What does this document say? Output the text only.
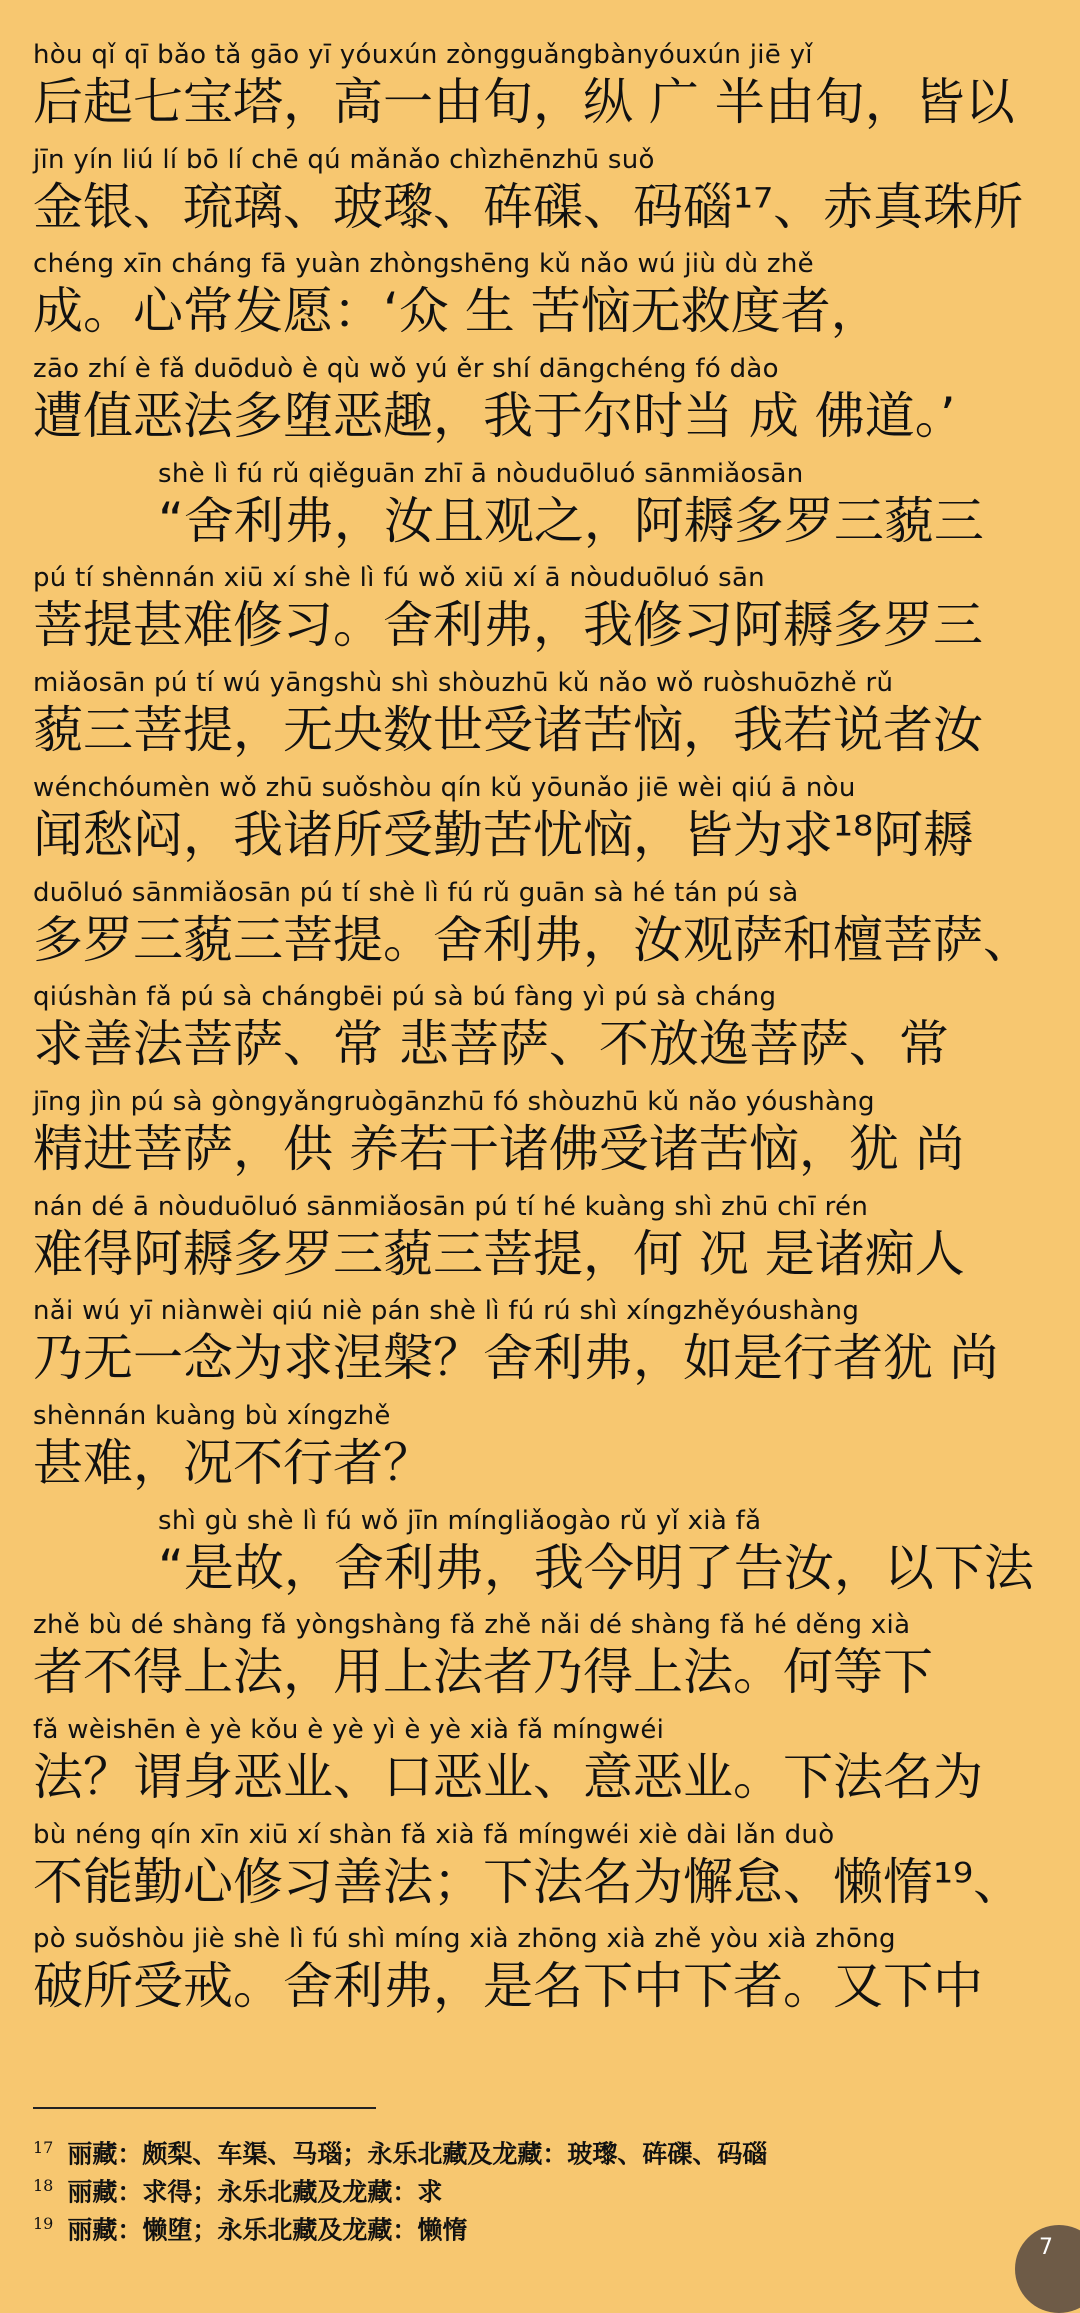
hòu qǐ qī bǎo tǎ gāo yī yóuxún zòngguǎngbànyóuxún jiē yǐ
后起七宝塔，高一由旬，纵 广 半由旬，皆以
jīn yín liú lí bō lí chē qú mǎnǎo chìzhēnzhū suǒ
金银、琉璃、玻瓈、砗磲、码碯¹⁷、赤真珠所
chéng xīn cháng fā yuàn zhòngshēng kǔ nǎo wú jiù dù zhě
成。心常发愿：‘众 生 苦恼无救度者，
zāo zhí è fǎ duōduò è qù wǒ yú ěr shí dāngchéng fó dào
遭值恶法多堕恶趣，我于尔时当 成 佛道。’
shè lì fú rǔ qiěguān zhī ā nòuduōluó sānmiǎosān
“舍利弗，汝且观之，阿耨多罗三藐三
pú tí shènnán xiū xí shè lì fú wǒ xiū xí ā nòuduōluó sān
菩提甚难修习。舍利弗，我修习阿耨多罗三
miǎosān pú tí wú yāngshù shì shòuzhū kǔ nǎo wǒ ruòshuōzhě rǔ
藐三菩提，无央数世受诸苦恼，我若说者汝
wénchóumèn wǒ zhū suǒshòu qín kǔ yōunǎo jiē wèi qiú ā nòu
闻愁闷，我诸所受勤苦忧恼，皆为求¹⁸阿耨
duōluó sānmiǎosān pú tí shè lì fú rǔ guān sà hé tán pú sà
多罗三藐三菩提。舍利弗，汝观萨和檀菩萨、
qiúshàn fǎ pú sà chángbēi pú sà bú fàng yì pú sà cháng
求善法菩萨、常 悲菩萨、不放逸菩萨、常
jīng jìn pú sà gòngyǎngruògānzhū fó shòuzhū kǔ nǎo yóushàng
精进菩萨，供 养若干诸佛受诸苦恼，犹 尚
nán dé ā nòuduōluó sānmiǎosān pú tí hé kuàng shì zhū chī rén
难得阿耨多罗三藐三菩提，何 况 是诸痴人
nǎi wú yī niànwèi qiú niè pán shè lì fú rú shì xíngzhěyóushàng
乃无一念为求涅槃？舍利弗，如是行者犹 尚
shènnán kuàng bù xíngzhě
甚难，况不行者？
shì gù shè lì fú wǒ jīn míngliǎogào rǔ yǐ xià fǎ
“是故，舍利弗，我今明了告汝，以下法
zhě bù dé shàng fǎ yòngshàng fǎ zhě nǎi dé shàng fǎ hé děng xià
者不得上法，用上法者乃得上法。何等下
fǎ wèishēn è yè kǒu è yè yì è yè xià fǎ míngwéi
法？谓身恶业、口恶业、意恶业。下法名为
bù néng qín xīn xiū xí shàn fǎ xià fǎ míngwéi xiè dài lǎn duò
不能勤心修习善法；下法名为懈怠、懒惰¹⁹、
pò suǒshòu jiè shè lì fú shì míng xià zhōng xià zhě yòu xià zhōng
破所受戒。舍利弗，是名下中下者。又下中
$^{17}$ 丽藏：颇梨、车渠、马瑙；永乐北藏及龙藏：玻瓈、砗磲、码碯
$^{18}$ 丽藏：求得；永乐北藏及龙藏：求
$^{19}$ 丽藏：懒堕；永乐北藏及龙藏：懒惰
7
